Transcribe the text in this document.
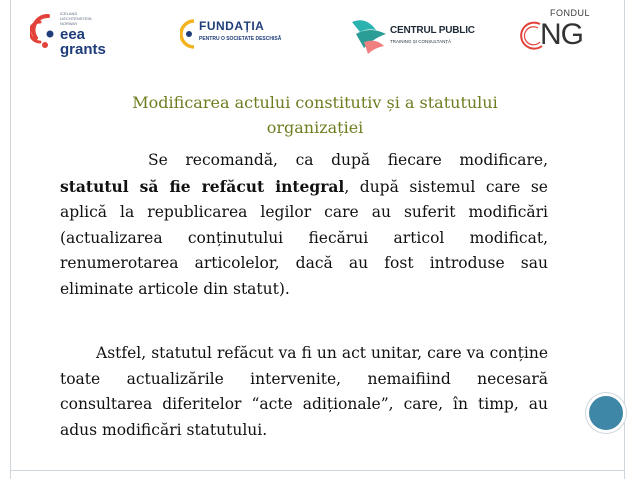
ICELAND LIECHTENSTEIN NORWAY
eea
grants
FUNDAȚIA
PENTRU O SOCIETATE DESCHISĂ
CENTRUL PUBLIC
TRAINING ȘI CONSULTANȚĂ
FONDUL
NG
Modificarea actului constitutiv și a statutului
organizației

Se recomandă, ca după fiecare modificare, statutul să fie refăcut integral, după sistemul care se aplică la republicarea legilor care au suferit modificări (actualizarea conținutului fiecărui articol modificat, renumerotarea articolelor, dacă au fost introduse sau eliminate articole din statut).

Astfel, statutul refăcut va fi un act unitar, care va conține toate actualizările intervenite, nemaifiind necesară consultarea diferitelor “acte adiționale”, care, în timp, au adus modificări statutului.
